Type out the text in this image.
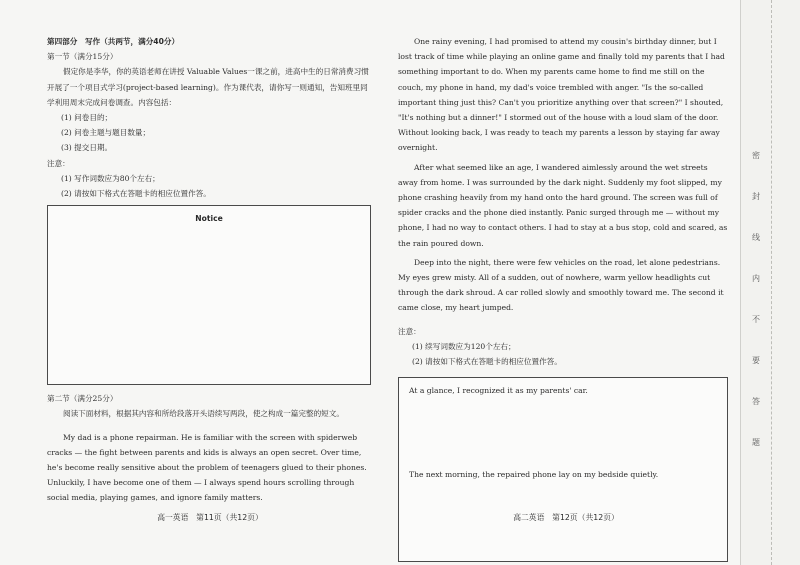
第四部分　写作（共两节，满分40分）

第一节（满分15分）

假定你是李华，你的英语老师在讲授 Valuable Values一课之前，进高中生的日常消费习惯开展了一个项目式学习(project-based learning)。作为课代表，请你写一则通知，告知班里同学利用周末完成问卷调查。内容包括：

(1) 问卷目的；

(2) 问卷主题与题目数量；

(3) 提交日期。

注意：

(1) 写作词数应为80个左右；

(2) 请按如下格式在答题卡的相应位置作答。

Notice

第二节（满分25分）

阅读下面材料，根据其内容和所给段落开头语续写两段，使之构成一篇完整的短文。

My dad is a phone repairman. He is familiar with the screen with spiderweb cracks — the fight between parents and kids is always an open secret. Over time, he's become really sensitive about the problem of teenagers glued to their phones. Unluckily, I have become one of them — I always spend hours scrolling through social media, playing games, and ignore family matters.

高一英语　第11页（共12页）

One rainy evening, I had promised to attend my cousin's birthday dinner, but I lost track of time while playing an online game and finally told my parents that I had something important to do. When my parents came home to find me still on the couch, my phone in hand, my dad's voice trembled with anger. "Is the so-called important thing just this? Can't you prioritize anything over that screen?" I shouted, "It's nothing but a dinner!" I stormed out of the house with a loud slam of the door. Without looking back, I was ready to teach my parents a lesson by staying far away overnight.

After what seemed like an age, I wandered aimlessly around the wet streets away from home. I was surrounded by the dark night. Suddenly my foot slipped, my phone crashing heavily from my hand onto the hard ground. The screen was full of spider cracks and the phone died instantly. Panic surged through me — without my phone, I had no way to contact others. I had to stay at a bus stop, cold and scared, as the rain poured down.

Deep into the night, there were few vehicles on the road, let alone pedestrians. My eyes grew misty. All of a sudden, out of nowhere, warm yellow headlights cut through the dark shroud. A car rolled slowly and smoothly toward me. The second it came close, my heart jumped.

注意：

(1) 续写词数应为120个左右；

(2) 请按如下格式在答题卡的相应位置作答。

At a glance, I recognized it as my parents' car.
The next morning, the repaired phone lay on my bedside quietly.
高二英语　第12页（共12页）
密
封
线
内
不
要
答
题
